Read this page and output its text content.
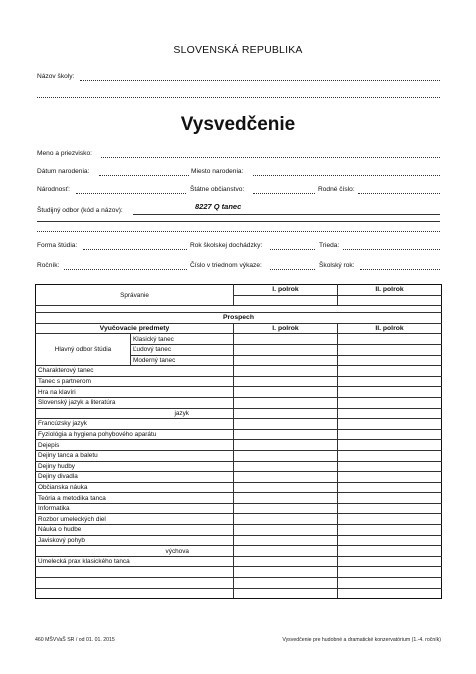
SLOVENSKÁ REPUBLIKA
Názov školy:
Vysvedčenie
Meno a priezvisko:
Dátum narodenia:	Miesto narodenia:
Národnosť:	Štátne občianstvo:	Rodné číslo:
Študijný odbor (kód a názov):	8227 Q tanec
Forma štúdia:	Rok školskej dochádzky:	Trieda:
Ročník:	Číslo v triednom výkaze:	Školský rok:
Správanie		I. polrok	II. polrok

Prospech			
Vyučovacie predmety		I. polrok	II. polrok
Hlavný odbor štúdia	Klasický tanec		
	Ľudový tanec		
	Moderný tanec		
Charakterový tanec			
Tanec s partnerom			
Hra na klavíri			
Slovenský jazyk a literatúra			
jazyk			
Francúzsky jazyk			
Fyziológia a hygiena pohybového aparátu			
Dejepis			
Dejiny tanca a baletu			
Dejiny hudby			
Dejiny divadla			
Občianska náuka			
Teória a metodika tanca			
Informatika			
Rozbor umeleckých diel			
Náuka o hudbe			
Javiskový pohyb			
výchova			
Umelecká prax klasického tanca			

460 MŠVVaŠ SR / od 01. 01. 2015	Vysvedčenie pre hudobné a dramatické konzervatórium (1.-4. ročník)
